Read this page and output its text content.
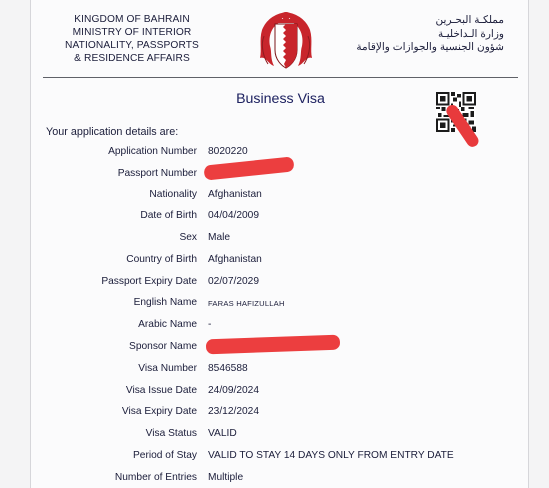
KINGDOM OF BAHRAIN
MINISTRY OF INTERIOR
NATIONALITY, PASSPORTS
& RESIDENCE AFFAIRS
مملكـة البحـرين
وزارة الـداخليـة
شؤون الجنسية والجوازات والإقامة
Business Visa
Your application details are:
Application Number 8020220
Passport Number
Nationality Afghanistan
Date of Birth 04/04/2009
Sex Male
Country of Birth Afghanistan
Passport Expiry Date 02/07/2029
English Name FARAS HAFIZULLAH
Arabic Name -
Sponsor Name
Visa Number 8546588
Visa Issue Date 24/09/2024
Visa Expiry Date 23/12/2024
Visa Status VALID
Period of Stay VALID TO STAY 14 DAYS ONLY FROM ENTRY DATE
Number of Entries Multiple
